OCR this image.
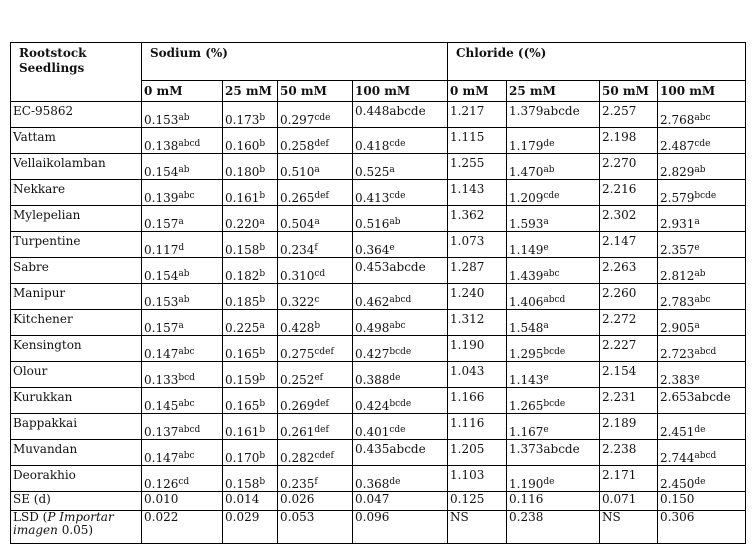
Rootstock Seedlings	Sodium (%)				Chloride ((%)			
	0 mM	25 mM	50 mM	100 mM	0 mM	25 mM	50 mM	100 mM
EC-95862	0.153$^{ab}$	0.173$^b$	0.297$^{cde}$	0.448abcde	1.217	1.379abcde	2.257	2.768$^{abc}$
Vattam	$0.138^{abcd}$	0.160$^b$	0.258$^{def}$	0.418$^{cde}$	1.115	1.179de	2.198	2.487$^{cde}$
Vellaikolamban	0.154$^{ab}$	0.180$^b$	0.510$^a$	0.525$^a$	1.255	1.470$^{ab}$	2.270	2.829$^{ab}$
Nekkare	0.139$^{abc}$	0.161$^b$	0.265$^{def}$	0.413$^{cde}$	1.143	1.209$^{cde}$	2.216	$2.579^{bcde}$
Mylepelian	0.157$^a$	0.220$^a$	0.504$^a$	0.516$^{ab}$	1.362	1.593$^a$	2.302	2.931$^a$
Turpentine	0.117$^d$	0.158$^b$	0.234$^f$	0.364e	1.073	1.149e	2.147	2.357e
Sabre	0.154$^{ab}$	0.182$^b$	0.310$^{cd}$	0.453abcde	1.287	1.439$^{abc}$	2.263	2.812$^{ab}$
Manipur	0.153$^{ab}$	0.185$^b$	0.322$^c$	$0.462^{abcd}$	1.240	$1.406^{abcd}$	2.260	2.783$^{abc}$
Kitchener	0.157$^a$	0.225$^a$	0.428$^b$	0.498$^{abc}$	1.312	1.548$^a$	2.272	2.905$^a$
Kensington	0.147$^{abc}$	0.165$^b$	$0.275^{cdef}$	$0.427^{bcde}$	1.190	$1.295^{bcde}$	2.227	$2.723^{abcd}$
Olour	0.133$^{bcd}$	0.159$^b$	0.252$^{ef}$	0.388de	1.043	1.143e	2.154	2.383e
Kurukkan	0.145$^{abc}$	0.165$^b$	0.269$^{def}$	$0.424^{bcde}$	1.166	$1.265^{bcde}$	2.231	2.653abcde
Bappakkai	$0.137^{abcd}$	0.161$^b$	0.261$^{def}$	0.401$^{cde}$	1.116	1.167e	2.189	2.451de
Muvandan	0.147$^{abc}$	0.170$^b$	$0.282^{cdef}$	0.435abcde	1.205	1.373abcde	2.238	$2.744^{abcd}$
Deorakhio	0.126$^{cd}$	0.158$^b$	0.235$^f$	0.368de	1.103	1.190de	2.171	2.450de
SE (d)	0.010	0.014	0.026	0.047	0.125	0.116	0.071	0.150
LSD (P Importar imagen 0.05)	0.022	0.029	0.053	0.096	NS	0.238	NS	0.306
